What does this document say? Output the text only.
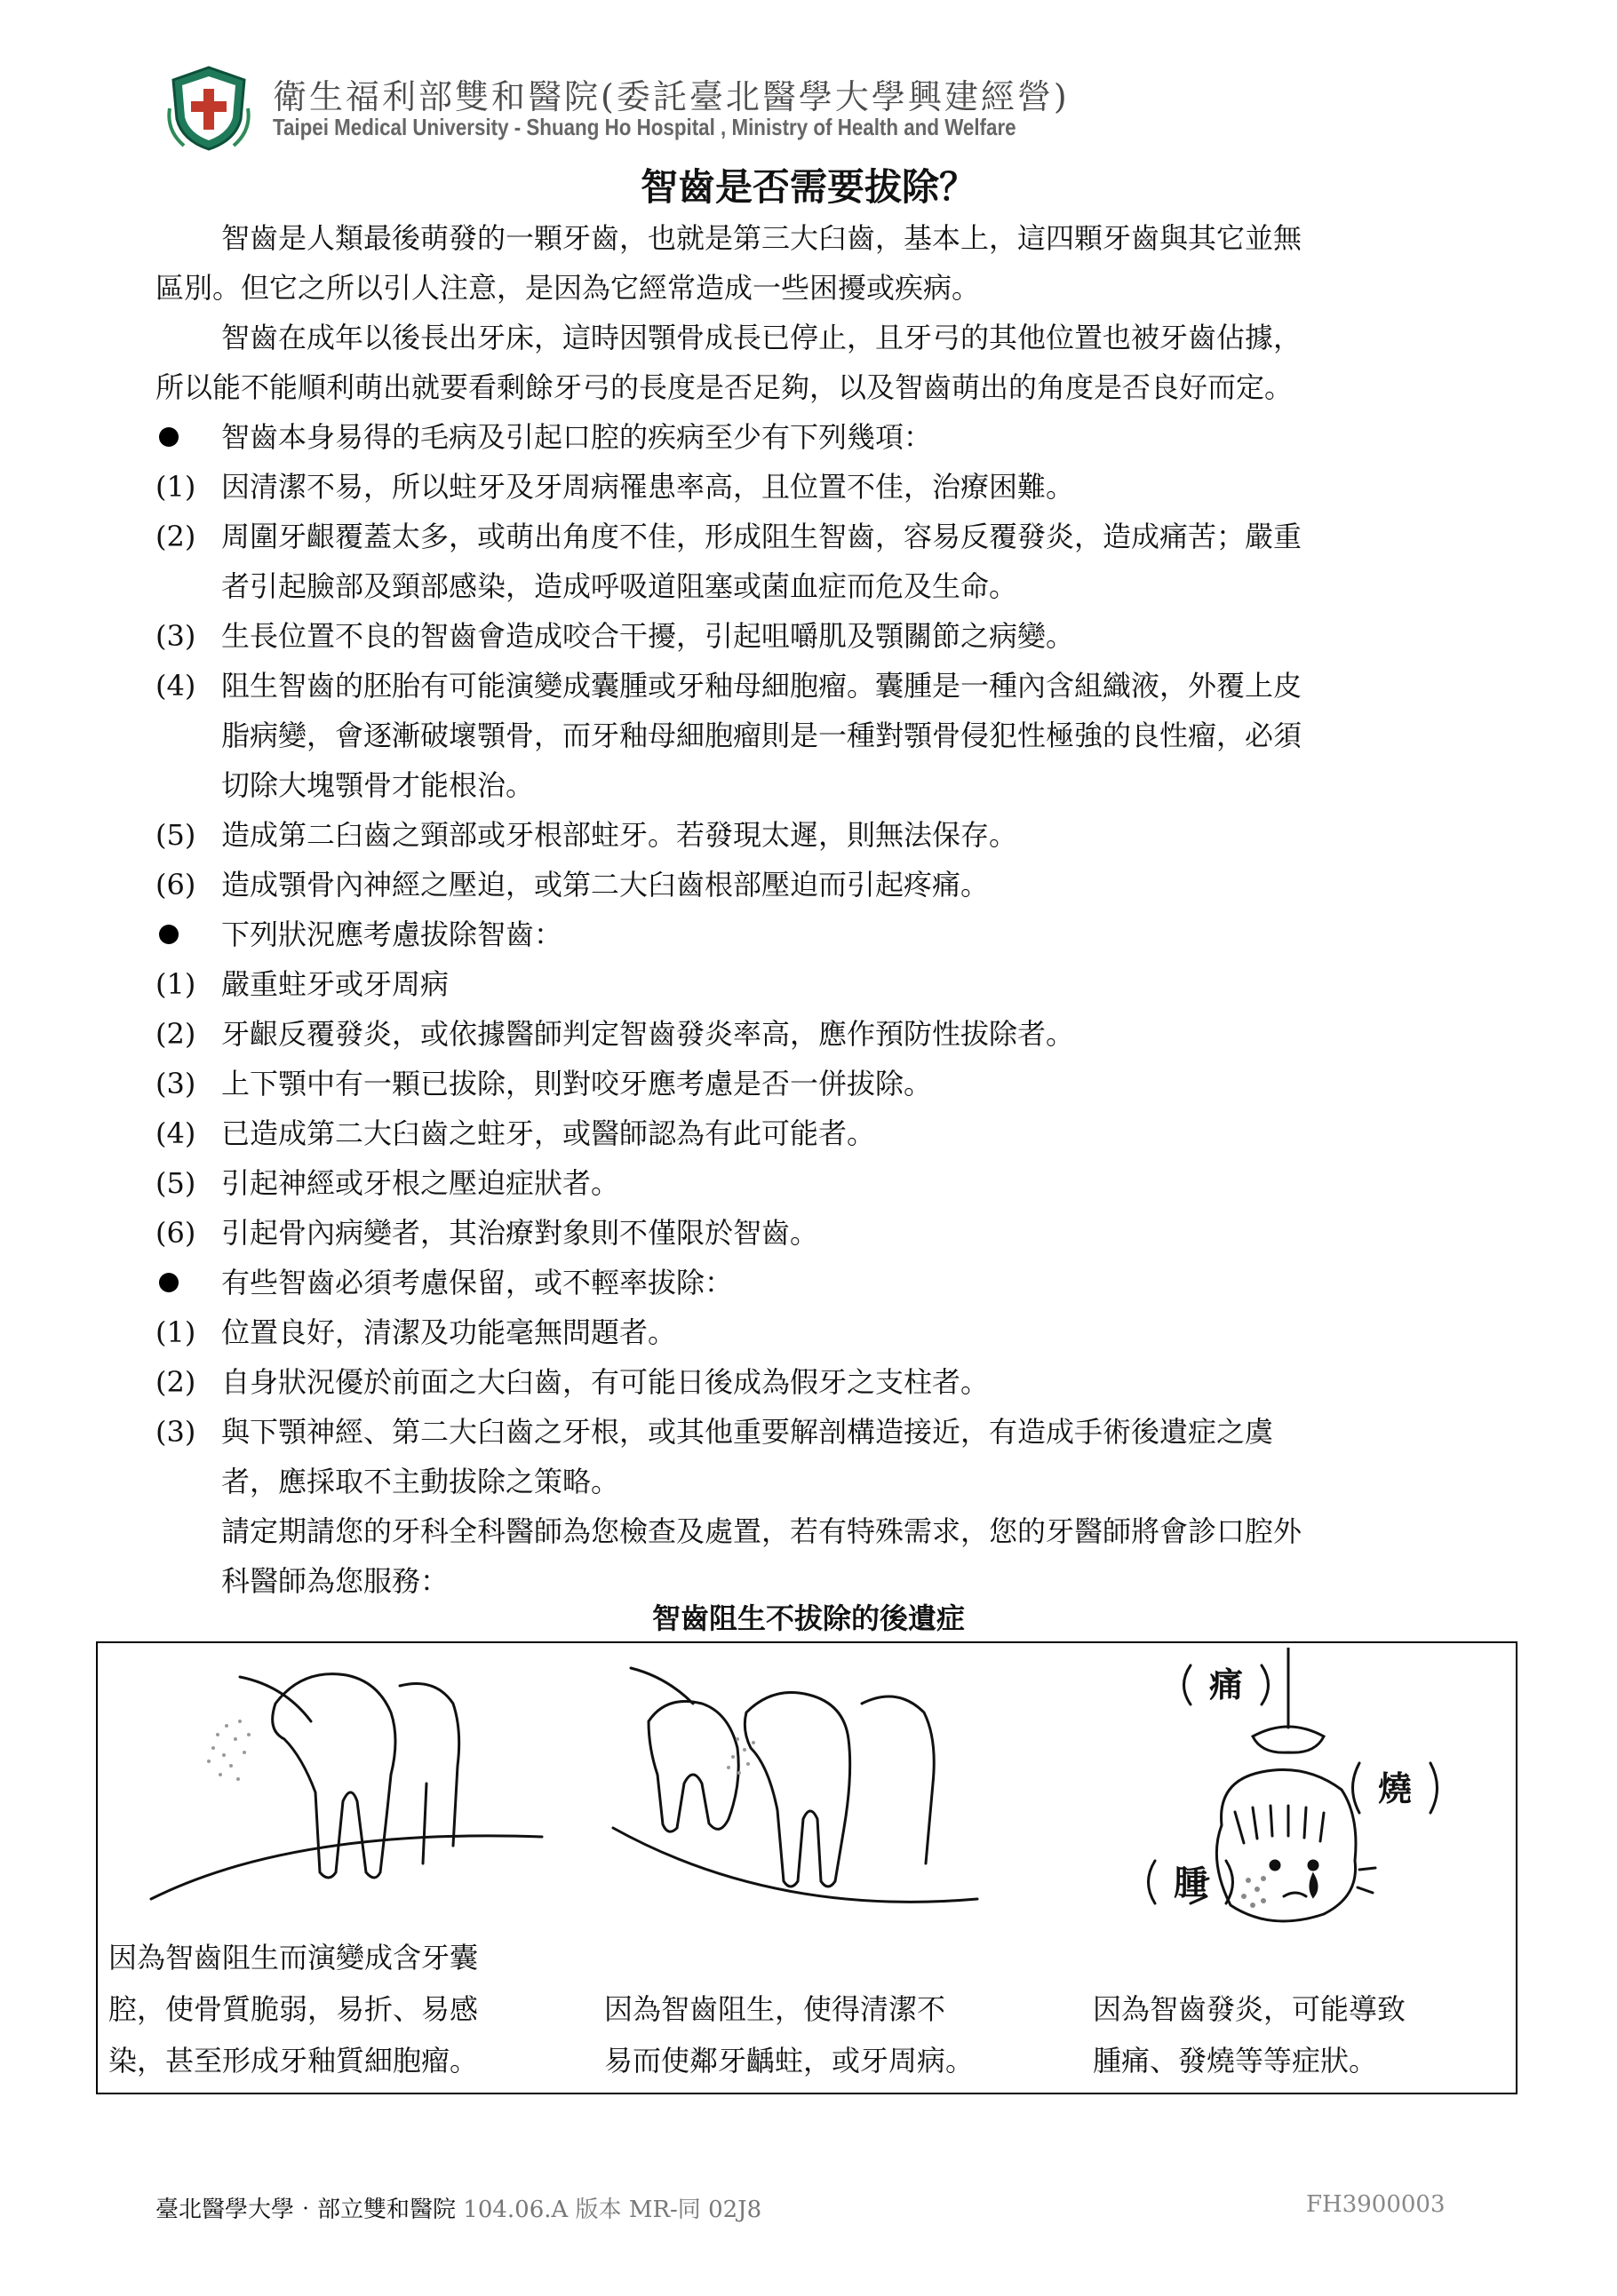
衛生福利部雙和醫院(委託臺北醫學大學興建經營)
Taipei Medical University - Shuang Ho Hospital , Ministry of Health and Welfare
智齒是否需要拔除？
智齒是人類最後萌發的一顆牙齒，也就是第三大臼齒，基本上，這四顆牙齒與其它並無
區別。但它之所以引人注意，是因為它經常造成一些困擾或疾病。
智齒在成年以後長出牙床，這時因顎骨成長已停止，且牙弓的其他位置也被牙齒佔據，
所以能不能順利萌出就要看剩餘牙弓的長度是否足夠，以及智齒萌出的角度是否良好而定。
智齒本身易得的毛病及引起口腔的疾病至少有下列幾項：
(1) 因清潔不易，所以蛀牙及牙周病罹患率高，且位置不佳，治療困難。
(2) 周圍牙齦覆蓋太多，或萌出角度不佳，形成阻生智齒，容易反覆發炎，造成痛苦；嚴重
者引起臉部及頸部感染，造成呼吸道阻塞或菌血症而危及生命。
(3) 生長位置不良的智齒會造成咬合干擾，引起咀嚼肌及顎關節之病變。
(4) 阻生智齒的胚胎有可能演變成囊腫或牙釉母細胞瘤。囊腫是一種內含組織液，外覆上皮
脂病變，會逐漸破壞顎骨，而牙釉母細胞瘤則是一種對顎骨侵犯性極強的良性瘤，必須
切除大塊顎骨才能根治。
(5) 造成第二臼齒之頸部或牙根部蛀牙。若發現太遲，則無法保存。
(6) 造成顎骨內神經之壓迫，或第二大臼齒根部壓迫而引起疼痛。
下列狀況應考慮拔除智齒：
(1) 嚴重蛀牙或牙周病
(2) 牙齦反覆發炎，或依據醫師判定智齒發炎率高，應作預防性拔除者。
(3) 上下顎中有一顆已拔除，則對咬牙應考慮是否一併拔除。
(4) 已造成第二大臼齒之蛀牙，或醫師認為有此可能者。
(5) 引起神經或牙根之壓迫症狀者。
(6) 引起骨內病變者，其治療對象則不僅限於智齒。
有些智齒必須考慮保留，或不輕率拔除：
(1) 位置良好，清潔及功能毫無問題者。
(2) 自身狀況優於前面之大臼齒，有可能日後成為假牙之支柱者。
(3) 與下顎神經、第二大臼齒之牙根，或其他重要解剖構造接近，有造成手術後遺症之虞
者，應採取不主動拔除之策略。
請定期請您的牙科全科醫師為您檢查及處置，若有特殊需求，您的牙醫師將會診口腔外
科醫師為您服務：
智齒阻生不拔除的後遺症
痛
燒
腫
因為智齒阻生而演變成含牙囊
腔，使骨質脆弱，易折、易感
染，甚至形成牙釉質細胞瘤。
因為智齒阻生，使得清潔不
易而使鄰牙齲蛀，或牙周病。
因為智齒發炎，可能導致
腫痛、發燒等等症狀。
臺北醫學大學‧部立雙和醫院 104.06.A 版本 MR-同 02J8	FH3900003
